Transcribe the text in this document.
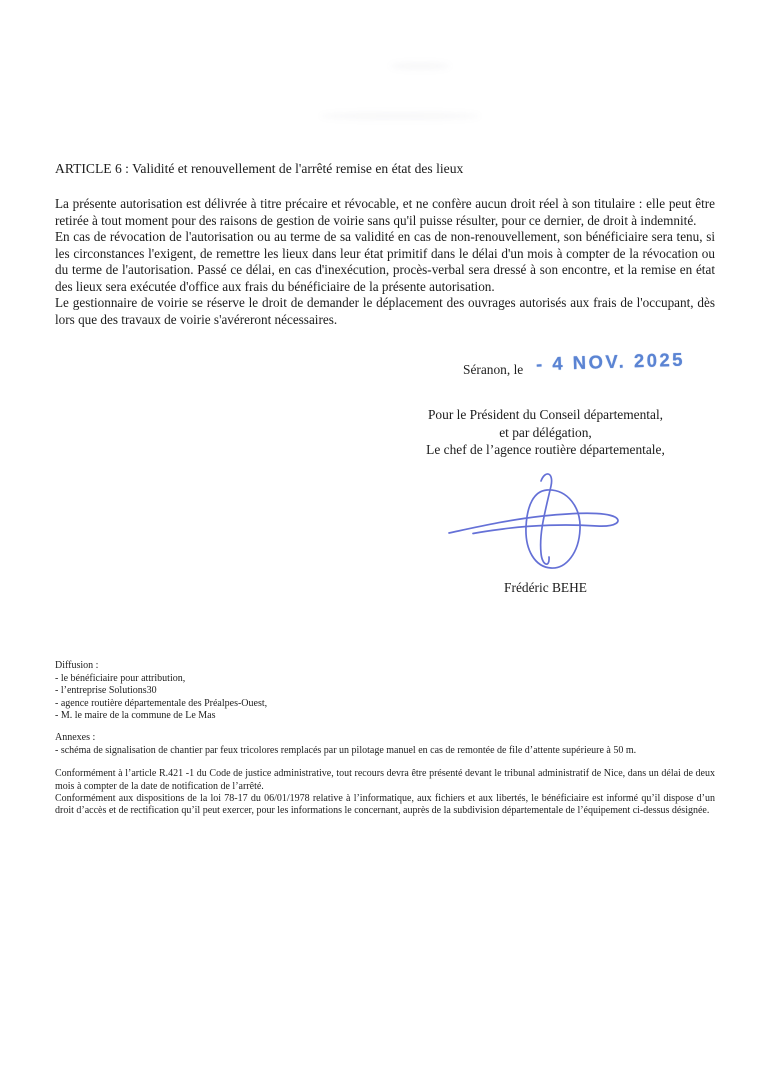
ARTICLE 6 : Validité et renouvellement de l'arrêté remise en état des lieux

La présente autorisation est délivrée à titre précaire et révocable, et ne confère aucun droit réel à son titulaire : elle peut être retirée à tout moment pour des raisons de gestion de voirie sans qu'il puisse résulter, pour ce dernier, de droit à indemnité.

En cas de révocation de l'autorisation ou au terme de sa validité en cas de non-renouvellement, son bénéficiaire sera tenu, si les circonstances l'exigent, de remettre les lieux dans leur état primitif dans le délai d'un mois à compter de la révocation ou du terme de l'autorisation. Passé ce délai, en cas d'inexécution, procès-verbal sera dressé à son encontre, et la remise en état des lieux sera exécutée d'office aux frais du bénéficiaire de la présente autorisation.

Le gestionnaire de voirie se réserve le droit de demander le déplacement des ouvrages autorisés aux frais de l'occupant, dès lors que des travaux de voirie s'avéreront nécessaires.

Séranon, le - 4 NOV. 2025
Pour le Président du Conseil départemental,
et par délégation,
Le chef de l’agence routière départementale,
Frédéric BEHE
Diffusion :
- le bénéficiaire pour attribution,
- l’entreprise Solutions30
- agence routière départementale des Préalpes-Ouest,
- M. le maire de la commune de Le Mas
Annexes :
- schéma de signalisation de chantier par feux tricolores remplacés par un pilotage manuel en cas de remontée de file d’attente supérieure à 50 m.

Conformément à l’article R.421 -1 du Code de justice administrative, tout recours devra être présenté devant le tribunal administratif de Nice, dans un délai de deux mois à compter de la date de notification de l’arrêté.

Conformément aux dispositions de la loi 78-17 du 06/01/1978 relative à l’informatique, aux fichiers et aux libertés, le bénéficiaire est informé qu’il dispose d’un droit d’accès et de rectification qu’il peut exercer, pour les informations le concernant, auprès de la subdivision départementale de l’équipement ci-dessus désignée.
